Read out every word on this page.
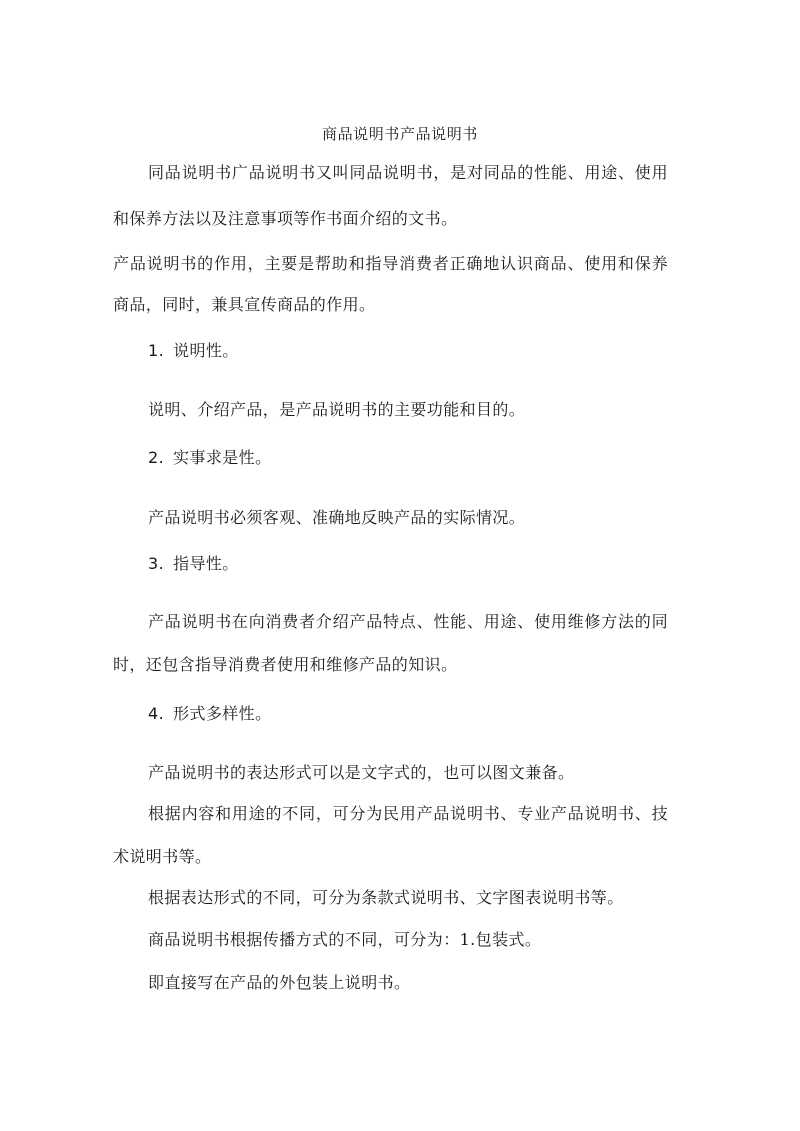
商品说明书产品说明书
同品说明书广品说明书又叫同品说明书，是对同品的性能、用途、使用
和保养方法以及注意事项等作书面介绍的文书。
产品说明书的作用，主要是帮助和指导消费者正确地认识商品、使用和保养
商品，同时，兼具宣传商品的作用。
1. 说明性。
说明、介绍产品，是产品说明书的主要功能和目的。
2. 实事求是性。
产品说明书必须客观、准确地反映产品的实际情况。
3. 指导性。
产品说明书在向消费者介绍产品特点、性能、用途、使用维修方法的同
时，还包含指导消费者使用和维修产品的知识。
4. 形式多样性。
产品说明书的表达形式可以是文字式的，也可以图文兼备。
根据内容和用途的不同，可分为民用产品说明书、专业产品说明书、技
术说明书等。
根据表达形式的不同，可分为条款式说明书、文字图表说明书等。
商品说明书根据传播方式的不同，可分为：1.包装式。
即直接写在产品的外包装上说明书。
